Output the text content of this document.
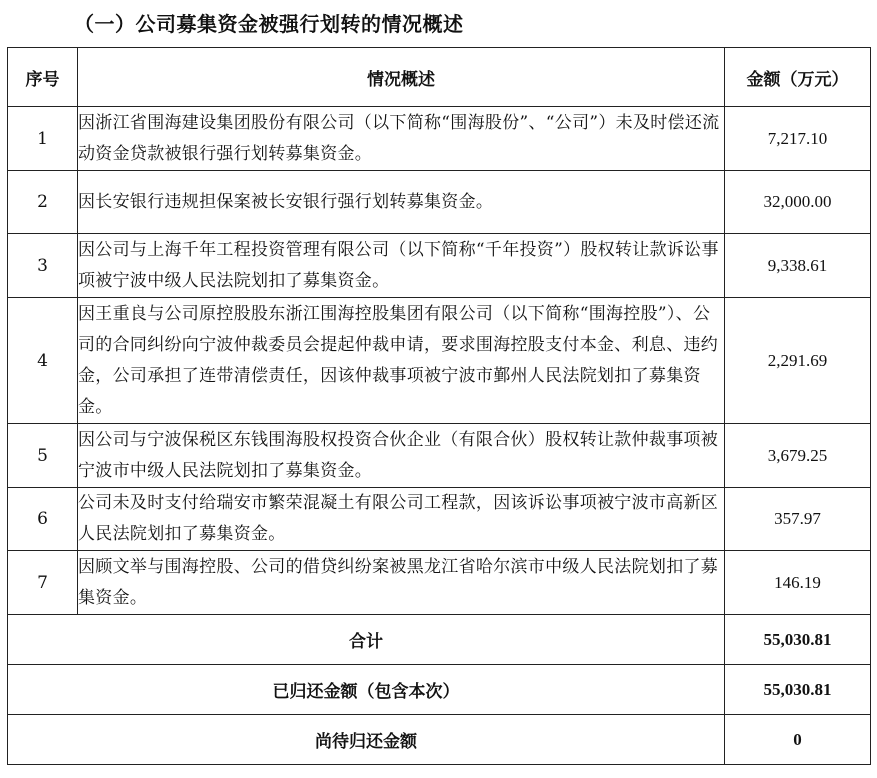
（一）公司募集资金被强行划转的情况概述
序号	情况概述	金额（万元）
1	因浙江省围海建设集团股份有限公司（以下简称“围海股份”、“公司”）未及时偿还流动资金贷款被银行强行划转募集资金。	7,217.10
2	因长安银行违规担保案被长安银行强行划转募集资金。	32,000.00
3	因公司与上海千年工程投资管理有限公司（以下简称“千年投资”）股权转让款诉讼事项被宁波中级人民法院划扣了募集资金。	9,338.61
4	因王重良与公司原控股股东浙江围海控股集团有限公司（以下简称“围海控股”）、公司的合同纠纷向宁波仲裁委员会提起仲裁申请，要求围海控股支付本金、利息、违约金，公司承担了连带清偿责任，因该仲裁事项被宁波市鄞州人民法院划扣了募集资金。	2,291.69
5	因公司与宁波保税区东钱围海股权投资合伙企业（有限合伙）股权转让款仲裁事项被宁波市中级人民法院划扣了募集资金。	3,679.25
6	公司未及时支付给瑞安市繁荣混凝土有限公司工程款，因该诉讼事项被宁波市高新区人民法院划扣了募集资金。	357.97
7	因顾文举与围海控股、公司的借贷纠纷案被黑龙江省哈尔滨市中级人民法院划扣了募集资金。	146.19
合计		55,030.81
已归还金额（包含本次）		55,030.81
尚待归还金额		0
